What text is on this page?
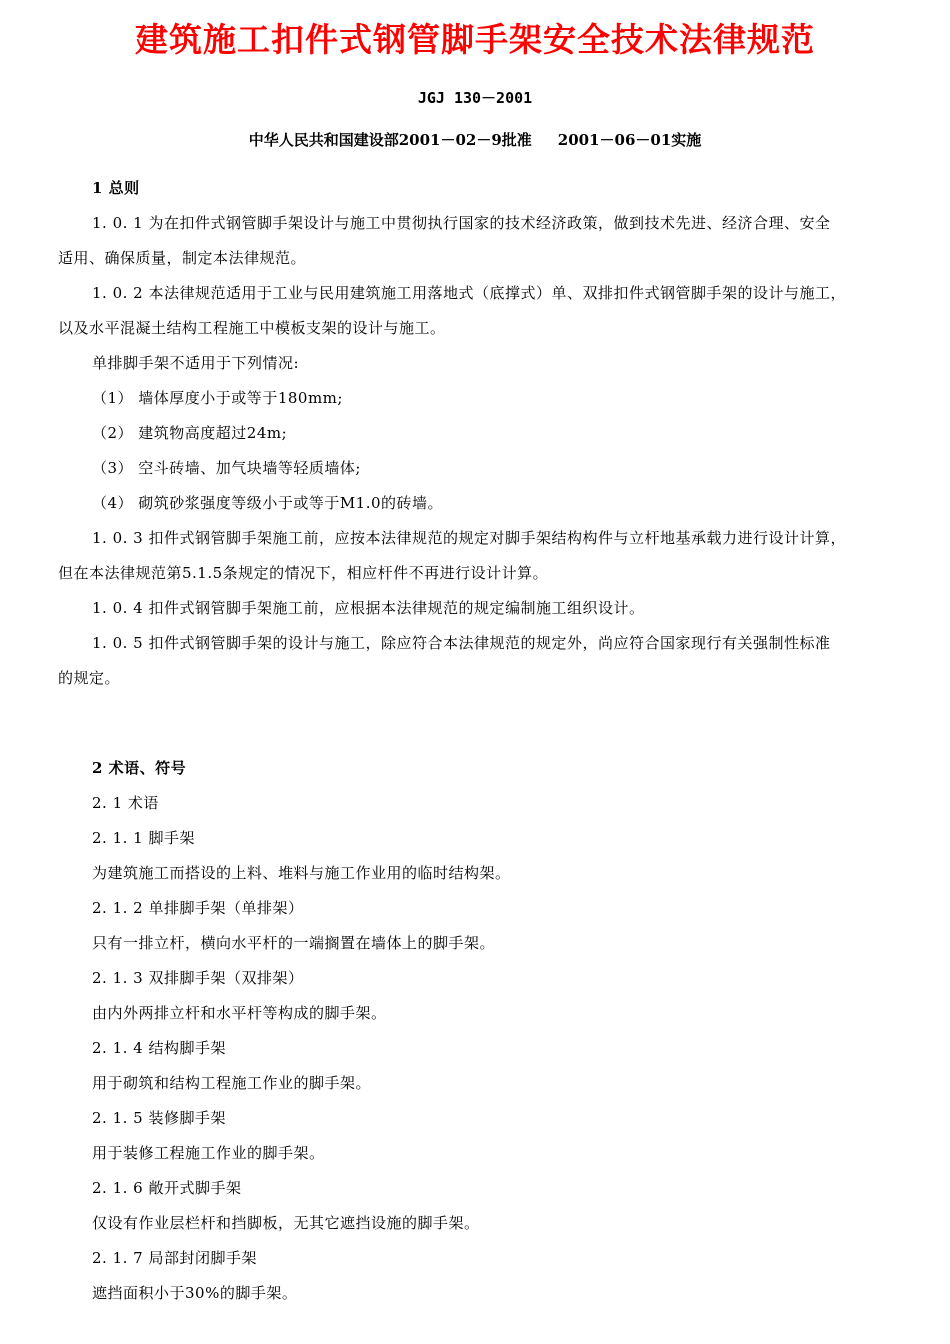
建筑施工扣件式钢管脚手架安全技术法律规范
JGJ 130－2001
中华人民共和国建设部2001－02－9批准 2001－06－01实施
1 总则
1. 0. 1 为在扣件式钢管脚手架设计与施工中贯彻执行国家的技术经济政策，做到技术先进、经济合理、安全
适用、确保质量，制定本法律规范。
1. 0. 2 本法律规范适用于工业与民用建筑施工用落地式（底撑式）单、双排扣件式钢管脚手架的设计与施工，
以及水平混凝土结构工程施工中模板支架的设计与施工。
单排脚手架不适用于下列情况:
（1） 墙体厚度小于或等于180mm;
（2） 建筑物高度超过24m;
（3） 空斗砖墙、加气块墙等轻质墙体;
（4） 砌筑砂浆强度等级小于或等于M1.0的砖墙。
1. 0. 3 扣件式钢管脚手架施工前，应按本法律规范的规定对脚手架结构构件与立杆地基承载力进行设计计算，
但在本法律规范第5.1.5条规定的情况下，相应杆件不再进行设计计算。
1. 0. 4 扣件式钢管脚手架施工前，应根据本法律规范的规定编制施工组织设计。
1. 0. 5 扣件式钢管脚手架的设计与施工，除应符合本法律规范的规定外，尚应符合国家现行有关强制性标准
的规定。
2 术语、符号
2. 1 术语
2. 1. 1 脚手架
为建筑施工而搭设的上料、堆料与施工作业用的临时结构架。
2. 1. 2 单排脚手架（单排架）
只有一排立杆，横向水平杆的一端搁置在墙体上的脚手架。
2. 1. 3 双排脚手架（双排架）
由内外两排立杆和水平杆等构成的脚手架。
2. 1. 4 结构脚手架
用于砌筑和结构工程施工作业的脚手架。
2. 1. 5 装修脚手架
用于装修工程施工作业的脚手架。
2. 1. 6 敞开式脚手架
仅设有作业层栏杆和挡脚板，无其它遮挡设施的脚手架。
2. 1. 7 局部封闭脚手架
遮挡面积小于30%的脚手架。
